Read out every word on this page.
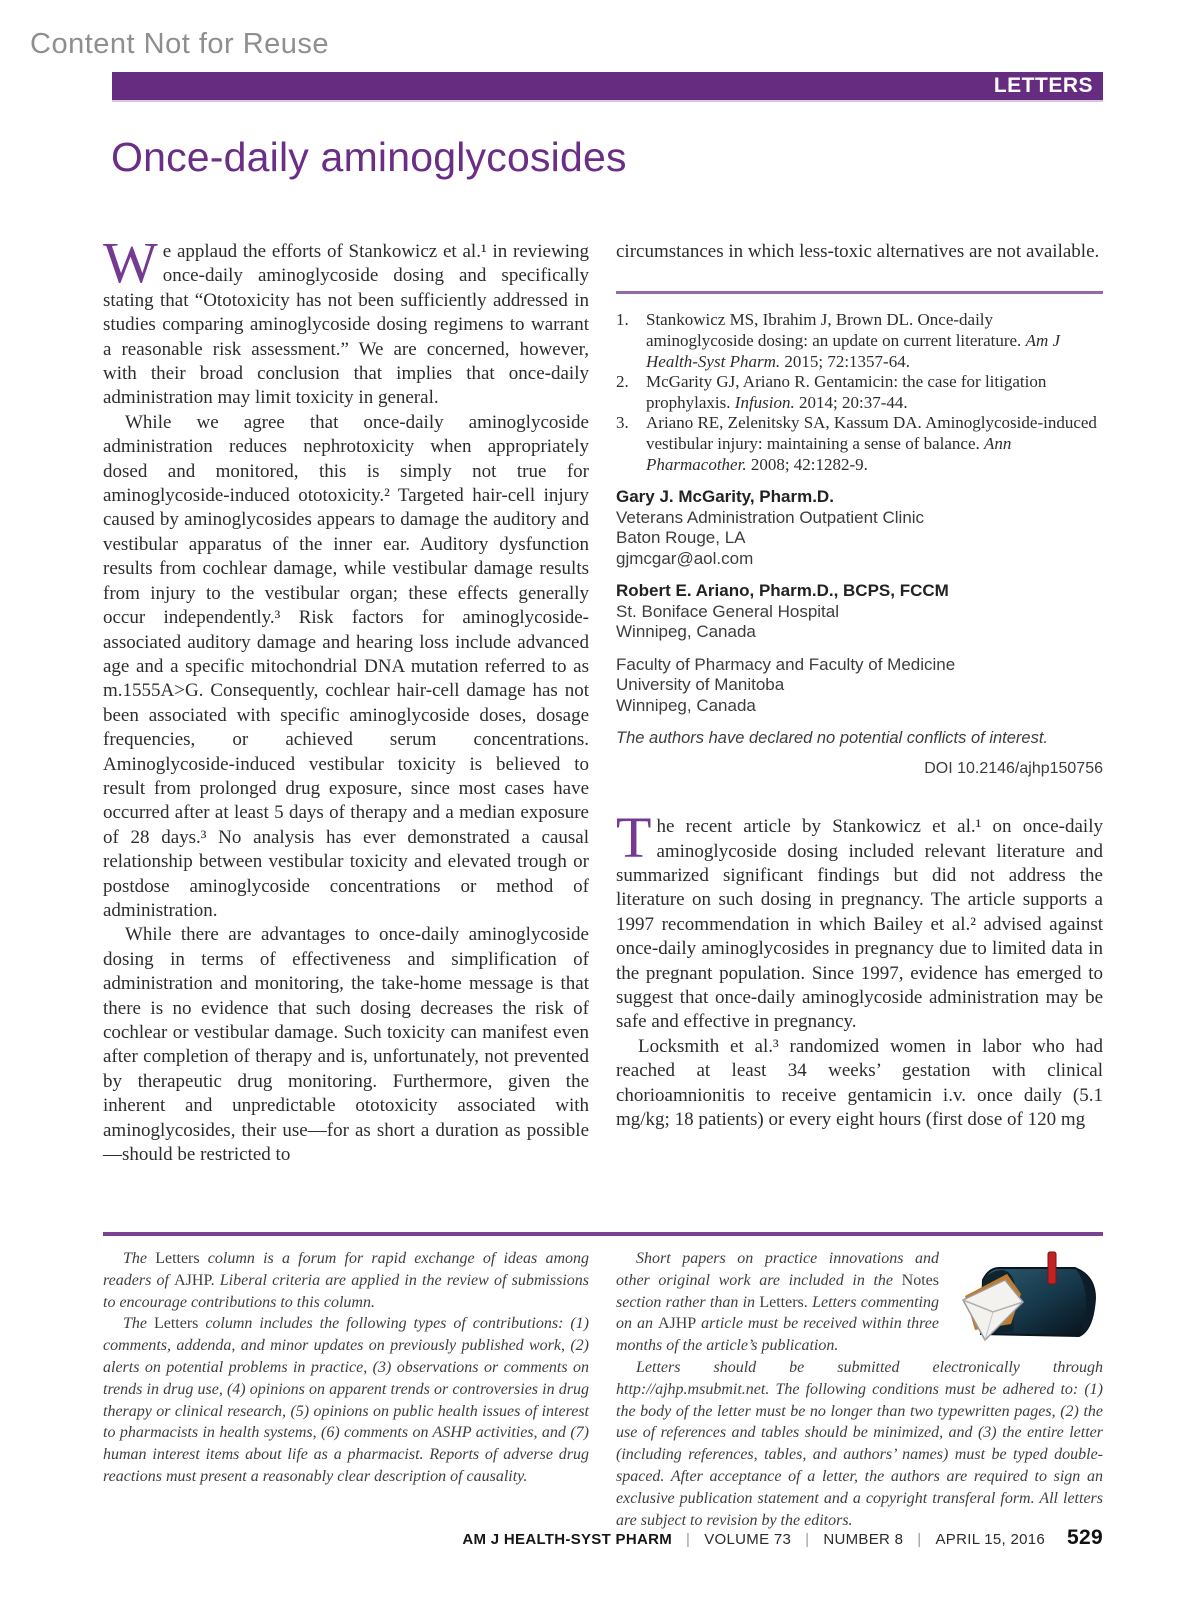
Content Not for Reuse
LETTERS
Once-daily aminoglycosides

We applaud the efforts of Stankowicz et al.¹ in reviewing once-daily aminoglycoside dosing and specifically stating that “Ototoxicity has not been sufficiently addressed in studies comparing aminoglycoside dosing regimens to warrant a reasonable risk assessment.” We are concerned, however, with their broad conclusion that implies that once-daily administration may limit toxicity in general.

While we agree that once-daily aminoglycoside administration reduces nephrotoxicity when appropriately dosed and monitored, this is simply not true for aminoglycoside-induced ototoxicity.² Targeted hair-cell injury caused by aminoglycosides appears to damage the auditory and vestibular apparatus of the inner ear. Auditory dysfunction results from cochlear damage, while vestibular damage results from injury to the vestibular organ; these effects generally occur independently.³ Risk factors for aminoglycoside-associated auditory damage and hearing loss include advanced age and a specific mitochondrial DNA mutation referred to as m.1555A>G. Consequently, cochlear hair-cell damage has not been associated with specific aminoglycoside doses, dosage frequencies, or achieved serum concentrations. Aminoglycoside-induced vestibular toxicity is believed to result from prolonged drug exposure, since most cases have occurred after at least 5 days of therapy and a median exposure of 28 days.³ No analysis has ever demonstrated a causal relationship between vestibular toxicity and elevated trough or postdose aminoglycoside concentrations or method of administration.

While there are advantages to once-daily aminoglycoside dosing in terms of effectiveness and simplification of administration and monitoring, the take-home message is that there is no evidence that such dosing decreases the risk of cochlear or vestibular damage. Such toxicity can manifest even after completion of therapy and is, unfortunately, not prevented by therapeutic drug monitoring. Furthermore, given the inherent and unpredictable ototoxicity associated with aminoglycosides, their use—for as short a duration as possible—should be restricted to

circumstances in which less-toxic alternatives are not available.

1.	Stankowicz MS, Ibrahim J, Brown DL. Once-daily aminoglycoside dosing: an update on current literature. Am J Health-Syst Pharm. 2015; 72:1357-64.
2.	McGarity GJ, Ariano R. Gentamicin: the case for litigation prophylaxis. Infusion. 2014; 20:37-44.
3.	Ariano RE, Zelenitsky SA, Kassum DA. Aminoglycoside-induced vestibular injury: maintaining a sense of balance. Ann Pharmacother. 2008; 42:1282-9.
Gary J. McGarity, Pharm.D.
Veterans Administration Outpatient Clinic
Baton Rouge, LA
gjmcgar@aol.com
Robert E. Ariano, Pharm.D., BCPS, FCCM
St. Boniface General Hospital
Winnipeg, Canada
Faculty of Pharmacy and Faculty of Medicine
University of Manitoba
Winnipeg, Canada
The authors have declared no potential conflicts of interest.
DOI 10.2146/ajhp150756

The recent article by Stankowicz et al.¹ on once-daily aminoglycoside dosing included relevant literature and summarized significant findings but did not address the literature on such dosing in pregnancy. The article supports a 1997 recommendation in which Bailey et al.² advised against once-daily aminoglycosides in pregnancy due to limited data in the pregnant population. Since 1997, evidence has emerged to suggest that once-daily aminoglycoside administration may be safe and effective in pregnancy.

Locksmith et al.³ randomized women in labor who had reached at least 34 weeks’ gestation with clinical chorioamnionitis to receive gentamicin i.v. once daily (5.1 mg/kg; 18 patients) or every eight hours (first dose of 120 mg

The Letters column is a forum for rapid exchange of ideas among readers of AJHP. Liberal criteria are applied in the review of submissions to encourage contributions to this column.

The Letters column includes the following types of contributions: (1) comments, addenda, and minor updates on previously published work, (2) alerts on potential problems in practice, (3) observations or comments on trends in drug use, (4) opinions on apparent trends or controversies in drug therapy or clinical research, (5) opinions on public health issues of interest to pharmacists in health systems, (6) comments on ASHP activities, and (7) human interest items about life as a pharmacist. Reports of adverse drug reactions must present a reasonably clear description of causality.

Short papers on practice innovations and other original work are included in the Notes section rather than in Letters. Letters commenting on an AJHP article must be received within three months of the article’s publication.

Letters should be submitted electronically through http://ajhp.msubmit.net. The following conditions must be adhered to: (1) the body of the letter must be no longer than two typewritten pages, (2) the use of references and tables should be minimized, and (3) the entire letter (including references, tables, and authors’ names) must be typed double-spaced. After acceptance of a letter, the authors are required to sign an exclusive publication statement and a copyright transferal form. All letters are subject to revision by the editors.

AM J HEALTH-SYST PHARM | VOLUME 73 | NUMBER 8 | APRIL 15, 2016 529
